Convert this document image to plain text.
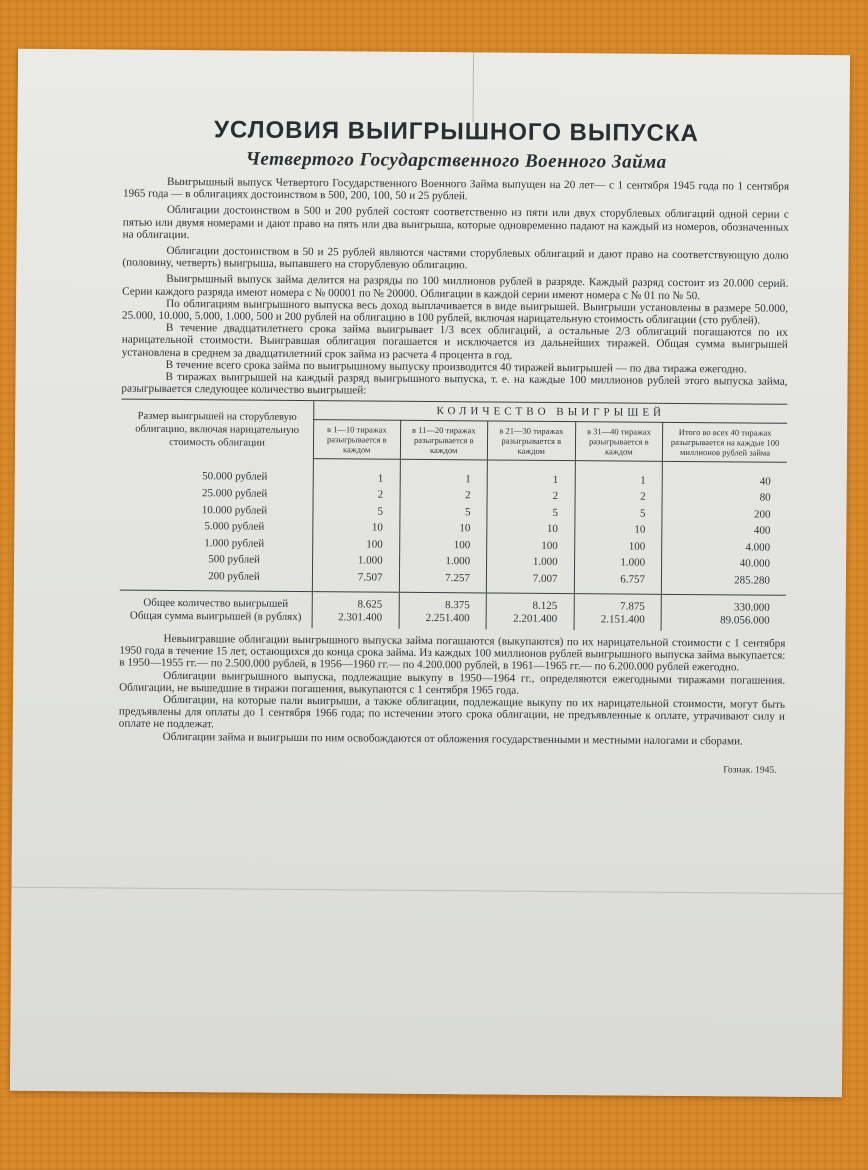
УСЛОВИЯ ВЫИГРЫШНОГО ВЫПУСКА
Четвертого Государственного Военного Займа

Выигрышный выпуск Четвертого Государственного Военного Займа выпущен на 20 лет— с 1 сентября 1945 года по 1 сентября 1965 года — в облигациях достоинством в 500, 200, 100, 50 и 25 рублей.

Облигации достоинством в 500 и 200 рублей состоят соответственно из пяти или двух сторублевых облигаций одной серии с пятью или двумя номерами и дают право на пять или два выигрыша, которые одновременно падают на каждый из номеров, обозначенных на облигации.

Облигации достоинством в 50 и 25 рублей являются частями сторублевых облигаций и дают право на соответствующую долю (половину, четверть) выигрыша, выпавшего на сторублевую облигацию.

Выигрышный выпуск займа делится на разряды по 100 миллионов рублей в разряде. Каждый разряд состоит из 20.000 серий. Серии каждого разряда имеют номера с № 00001 по № 20000. Облигации в каждой серии имеют номера с № 01 по № 50.

По облигациям выигрышного выпуска весь доход выплачивается в виде выигрышей. Выигрыши установлены в размере 50.000, 25.000, 10.000, 5.000, 1.000, 500 и 200 рублей на облигацию в 100 рублей, включая нарицательную стоимость облигации (сто рублей).

В течение двадцатилетнего срока займа выигрывает 1/3 всех облигаций, а остальные 2/3 облигаций погашаются по их нарицательной стоимости. Выигравшая облигация погашается и исключается из дальнейших тиражей. Общая сумма выигрышей установлена в среднем за двадцатилетний срок займа из расчета 4 процента в год.

В течение всего срока займа по выигрышному выпуску производится 40 тиражей выигрышей — по два тиража ежегодно.

В тиражах выигрышей на каждый разряд выигрышного выпуска, т. е. на каждые 100 миллионов рублей этого выпуска займа, разыгрывается следующее количество выигрышей:

Размер выигрышей на сторублевую облигацию, включая нарицательную стоимость облигации	КОЛИЧЕСТВО ВЫИГРЫШЕЙ				
	в 1—10 тиражах разыгрывается в каждом	в 11—20 тиражах разыгрывается в каждом	в 21—30 тиражах разыгрывается в каждом	в 31—40 тиражах разыгрывается в каждом	Итого во всех 40 тиражах разыгрывается на каждые 100 миллионов рублей займа
50.000 рублей	1	1	1	1	40
25.000 рублей	2	2	2	2	80
10.000 рублей	5	5	5	5	200
5.000 рублей	10	10	10	10	400
1.000 рублей	100	100	100	100	4.000
500 рублей	1.000	1.000	1.000	1.000	40.000
200 рублей	7.507	7.257	7.007	6.757	285.280
Общее количество выигрышей	8.625	8.375	8.125	7.875	330.000
Общая сумма выигрышей (в рублях)	2.301.400	2.251.400	2.201.400	2.151.400	89.056.000

Невыигравшие облигации выигрышного выпуска займа погашаются (выкупаются) по их нарицательной стоимости с 1 сентября 1950 года в течение 15 лет, остающихся до конца срока займа. Из каждых 100 миллионов рублей выигрышного выпуска займа выкупается: в 1950—1955 гг.— по 2.500.000 рублей, в 1956—1960 гг.— по 4.200.000 рублей, в 1961—1965 гг.— по 6.200.000 рублей ежегодно.

Облигации выигрышного выпуска, подлежащие выкупу в 1950—1964 гг., определяются ежегодными тиражами погашения. Облигации, не вышедшие в тиражи погашения, выкупаются с 1 сентября 1965 года.

Облигации, на которые пали выигрыши, а также облигации, подлежащие выкупу по их нарицательной стоимости, могут быть предъявлены для оплаты до 1 сентября 1966 года; по истечении этого срока облигации, не предъявленные к оплате, утрачивают силу и оплате не подлежат.

Облигации займа и выигрыши по ним освобождаются от обложения государственными и местными налогами и сборами.

Гознак. 1945.
